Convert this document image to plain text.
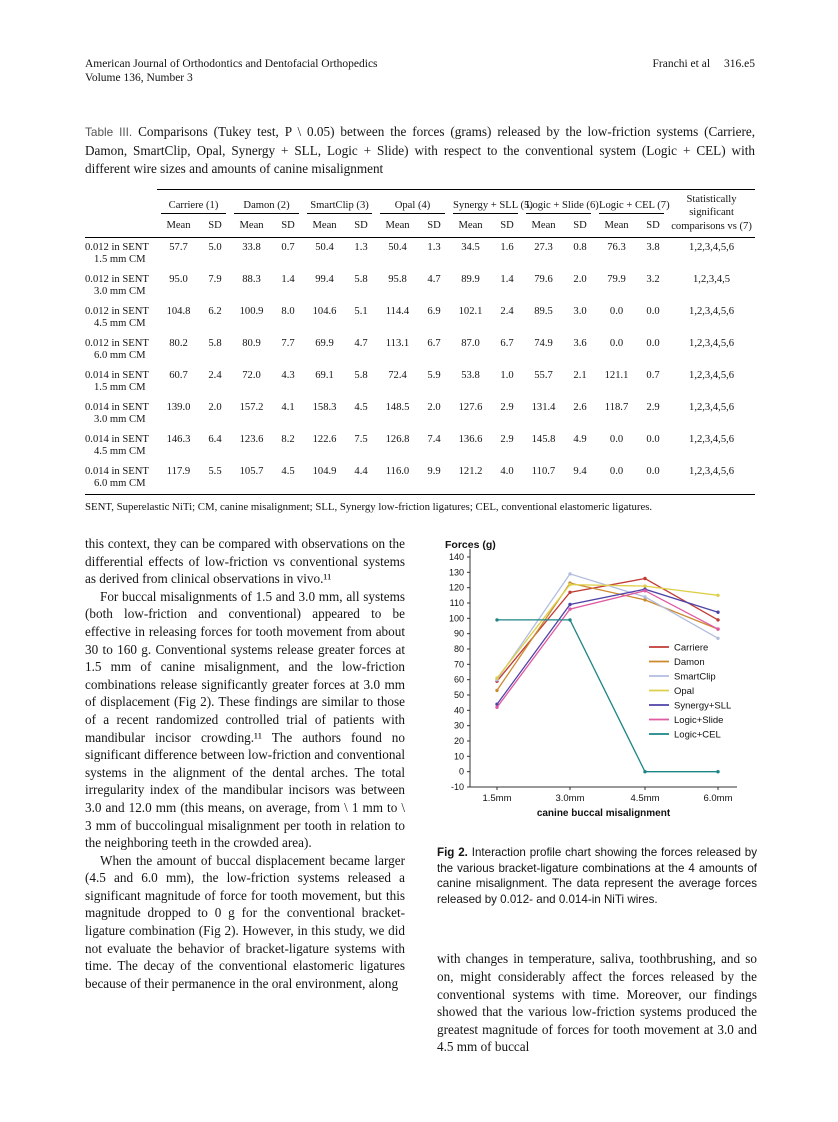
American Journal of Orthodontics and Dentofacial Orthopedics
Volume 136, Number 3
Franchi et al 316.e5

Table III. Comparisons (Tukey test, P \ 0.05) between the forces (grams) released by the low-friction systems (Carriere, Damon, SmartClip, Opal, Synergy + SLL, Logic + Slide) with respect to the conventional system (Logic + CEL) with different wire sizes and amounts of canine misalignment

	Carriere (1)		Damon (2)		SmartClip (3)		Opal (4)		Synergy + SLL (5)		Logic + Slide (6)		Logic + CEL (7)		Statistically significant comparisons vs (7)
	Mean	SD	Mean	SD	Mean	SD	Mean	SD	Mean	SD	Mean	SD	Mean	SD	

0.012 in SENT
1.5 mm CM	57.7	5.0	33.8	0.7	50.4	1.3	50.4	1.3	34.5	1.6	27.3	0.8	76.3	3.8	1,2,3,4,5,6

0.012 in SENT
3.0 mm CM	95.0	7.9	88.3	1.4	99.4	5.8	95.8	4.7	89.9	1.4	79.6	2.0	79.9	3.2	1,2,3,4,5

0.012 in SENT
4.5 mm CM	104.8	6.2	100.9	8.0	104.6	5.1	114.4	6.9	102.1	2.4	89.5	3.0	0.0	0.0	1,2,3,4,5,6

0.012 in SENT
6.0 mm CM	80.2	5.8	80.9	7.7	69.9	4.7	113.1	6.7	87.0	6.7	74.9	3.6	0.0	0.0	1,2,3,4,5,6

0.014 in SENT
1.5 mm CM	60.7	2.4	72.0	4.3	69.1	5.8	72.4	5.9	53.8	1.0	55.7	2.1	121.1	0.7	1,2,3,4,5,6

0.014 in SENT
3.0 mm CM	139.0	2.0	157.2	4.1	158.3	4.5	148.5	2.0	127.6	2.9	131.4	2.6	118.7	2.9	1,2,3,4,5,6

0.014 in SENT
4.5 mm CM	146.3	6.4	123.6	8.2	122.6	7.5	126.8	7.4	136.6	2.9	145.8	4.9	0.0	0.0	1,2,3,4,5,6

0.014 in SENT
6.0 mm CM	117.9	5.5	105.7	4.5	104.9	4.4	116.0	9.9	121.2	4.0	110.7	9.4	0.0	0.0	1,2,3,4,5,6

SENT, Superelastic NiTi; CM, canine misalignment; SLL, Synergy low-friction ligatures; CEL, conventional elastomeric ligatures.

this context, they can be compared with observations on the differential effects of low-friction vs conventional systems as derived from clinical observations in vivo.¹¹

For buccal misalignments of 1.5 and 3.0 mm, all systems (both low-friction and conventional) appeared to be effective in releasing forces for tooth movement from about 30 to 160 g. Conventional systems release greater forces at 1.5 mm of canine misalignment, and the low-friction combinations release significantly greater forces at 3.0 mm of displacement (Fig 2). These findings are similar to those of a recent randomized controlled trial of patients with mandibular incisor crowding.¹¹ The authors found no significant difference between low-friction and conventional systems in the alignment of the dental arches. The total irregularity index of the mandibular incisors was between 3.0 and 12.0 mm (this means, on average, from \ 1 mm to \ 3 mm of buccolingual misalignment per tooth in relation to the neighboring teeth in the crowded area).

When the amount of buccal displacement became larger (4.5 and 6.0 mm), the low-friction systems released a significant magnitude of force for tooth movement, but this magnitude dropped to 0 g for the conventional bracket-ligature combination (Fig 2). However, in this study, we did not evaluate the behavior of bracket-ligature systems with time. The decay of the conventional elastomeric ligatures because of their permanence in the oral environment, along

Forces (g)
140
130
120
110
100
90
80
70
60
50
40
30
20
10
0
-10
1.5mm	3.0mm	4.5mm	6.0mm
canine buccal misalignment
Carriere
Damon
SmartClip
Opal
Synergy+SLL
Logic+Slide
Logic+CEL

Fig 2. Interaction profile chart showing the forces released by the various bracket-ligature combinations at the 4 amounts of canine misalignment. The data represent the average forces released by 0.012- and 0.014-in NiTi wires.

with changes in temperature, saliva, toothbrushing, and so on, might considerably affect the forces released by the conventional systems with time. Moreover, our findings showed that the various low-friction systems produced the greatest magnitude of forces for tooth movement at 3.0 and 4.5 mm of buccal
